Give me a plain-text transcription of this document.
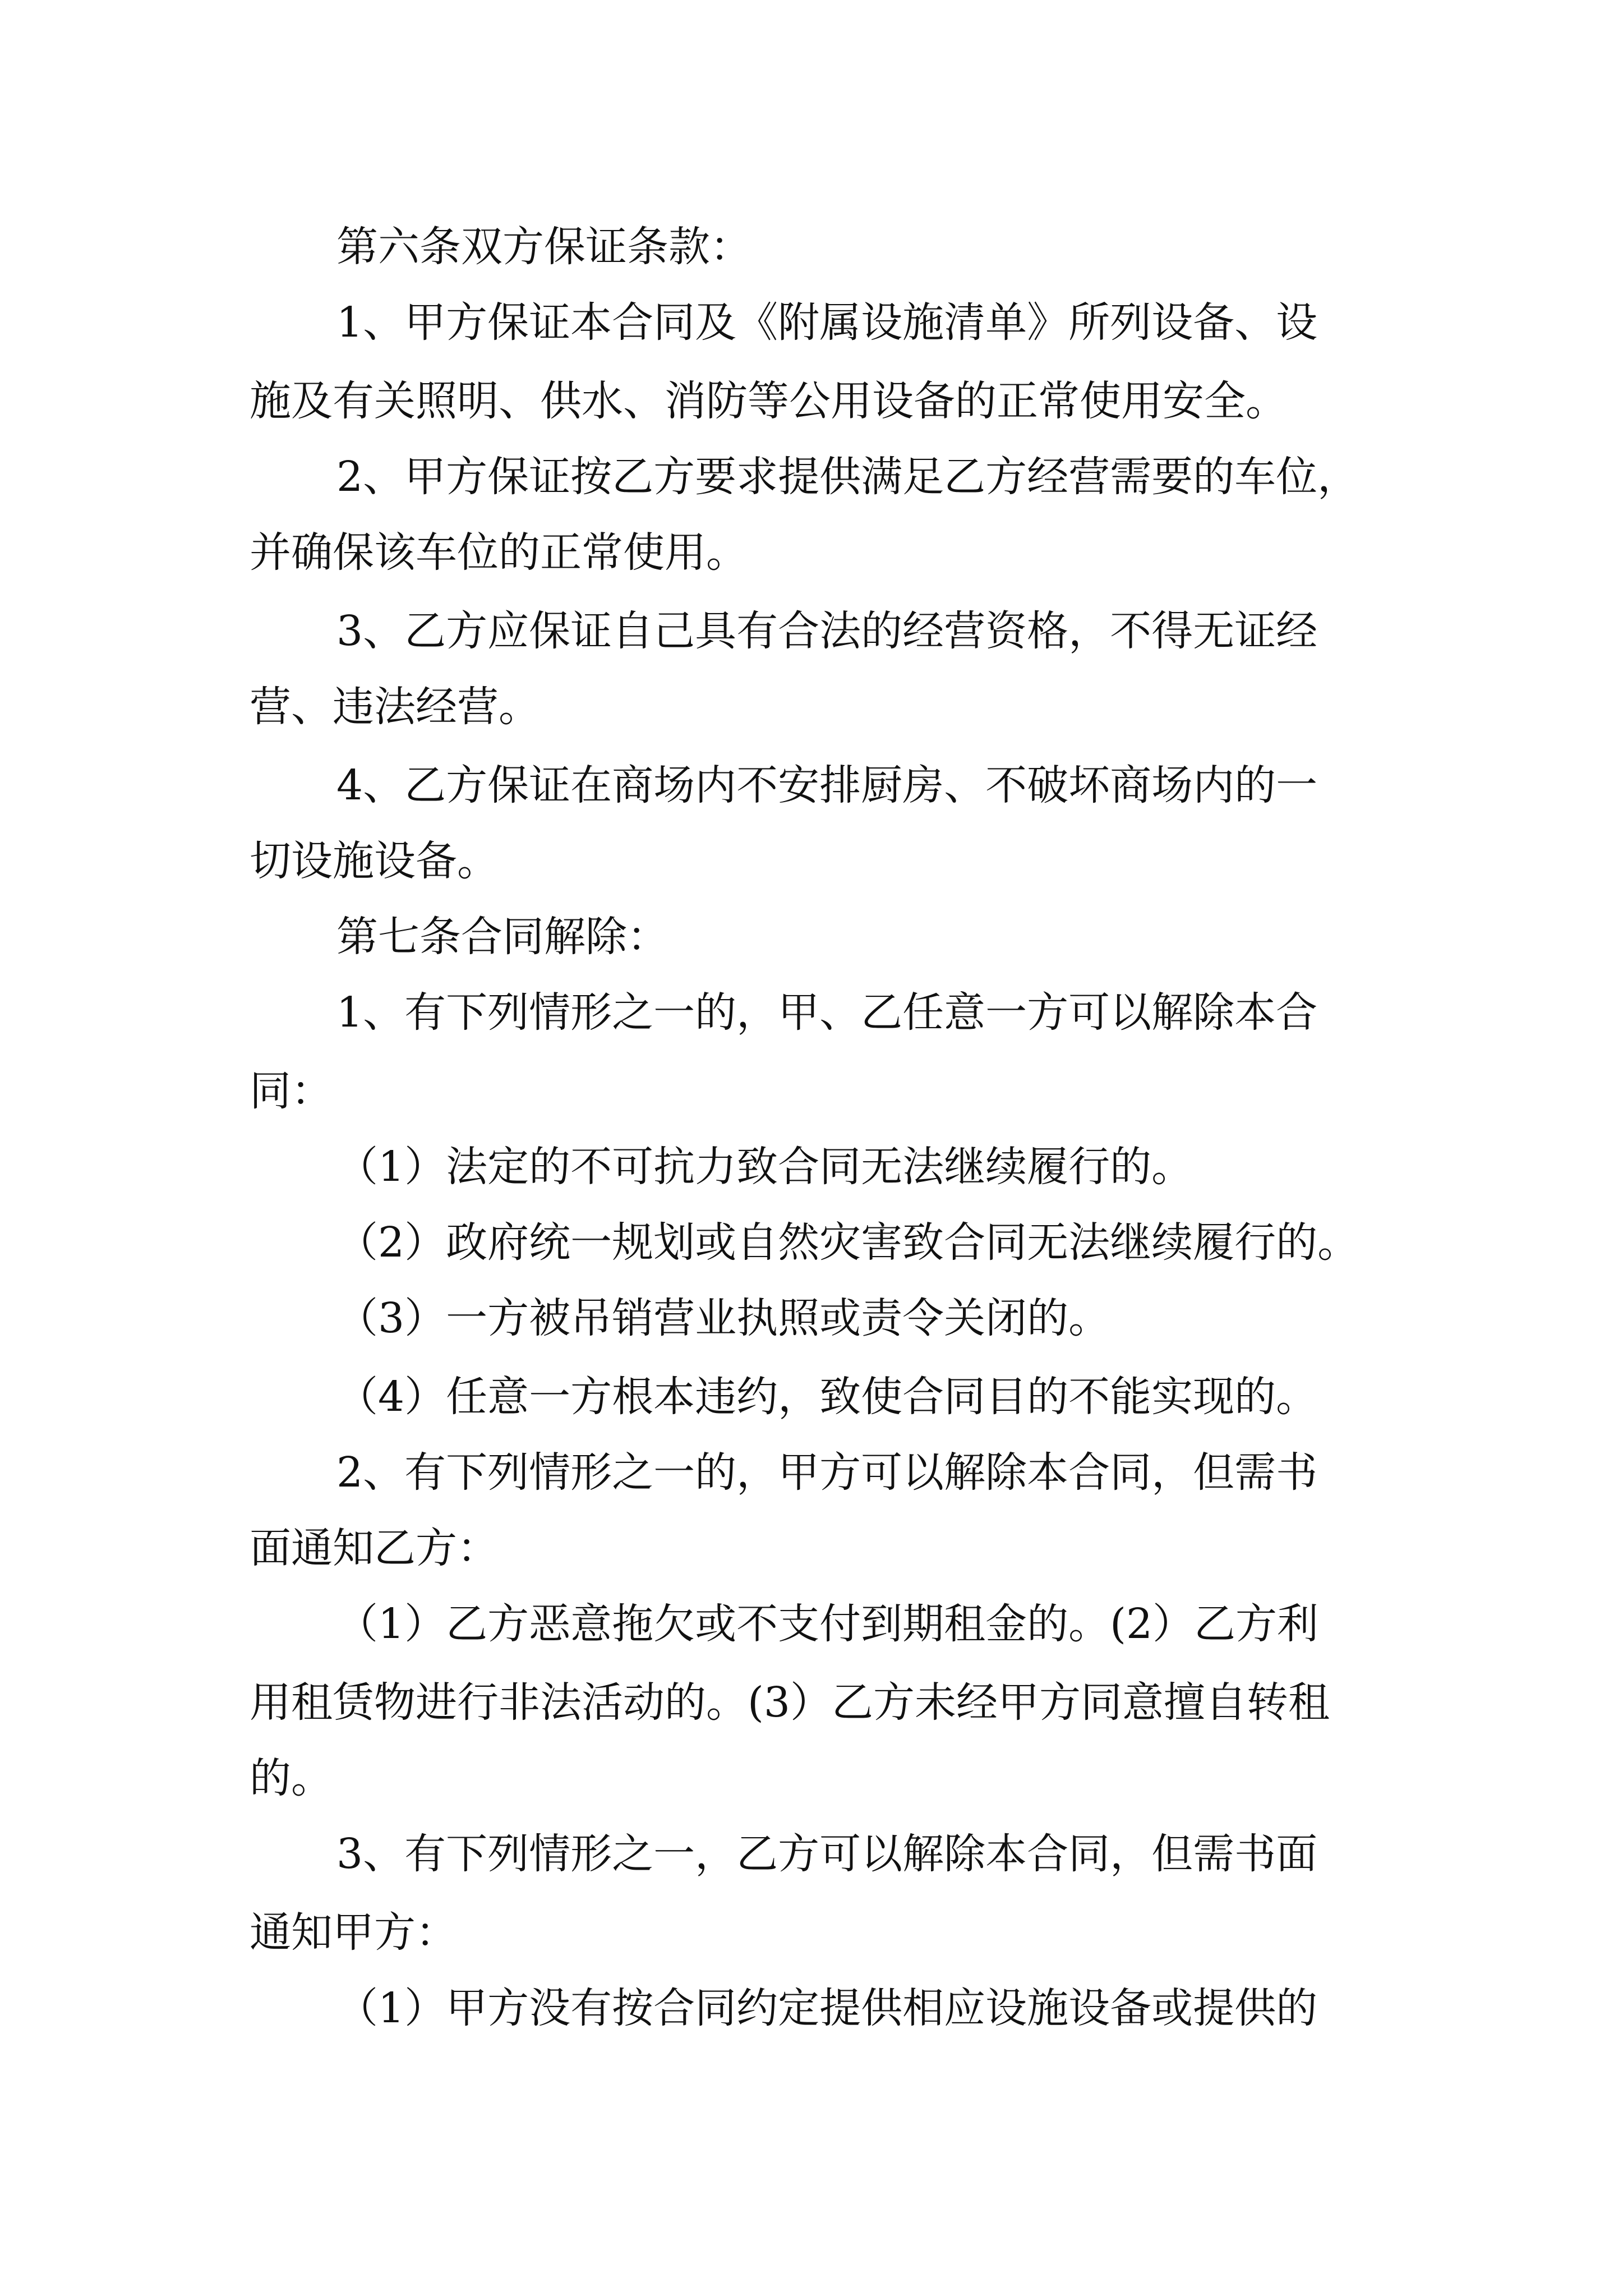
第六条双方保证条款：

1、甲方保证本合同及《附属设施清单》所列设备、设

施及有关照明、供水、消防等公用设备的正常使用安全。

2、甲方保证按乙方要求提供满足乙方经营需要的车位，

并确保该车位的正常使用。

3、乙方应保证自己具有合法的经营资格，不得无证经

营、违法经营。

4、乙方保证在商场内不安排厨房、不破坏商场内的一

切设施设备。

第七条合同解除：

1、有下列情形之一的，甲、乙任意一方可以解除本合

同：

（1）法定的不可抗力致合同无法继续履行的。

（2）政府统一规划或自然灾害致合同无法继续履行的。

（3）一方被吊销营业执照或责令关闭的。

（4）任意一方根本违约，致使合同目的不能实现的。

2、有下列情形之一的，甲方可以解除本合同，但需书

面通知乙方：

（1）乙方恶意拖欠或不支付到期租金的。(2）乙方利

用租赁物进行非法活动的。(3）乙方未经甲方同意擅自转租

的。

3、有下列情形之一，乙方可以解除本合同，但需书面

通知甲方：

（1）甲方没有按合同约定提供相应设施设备或提供的
